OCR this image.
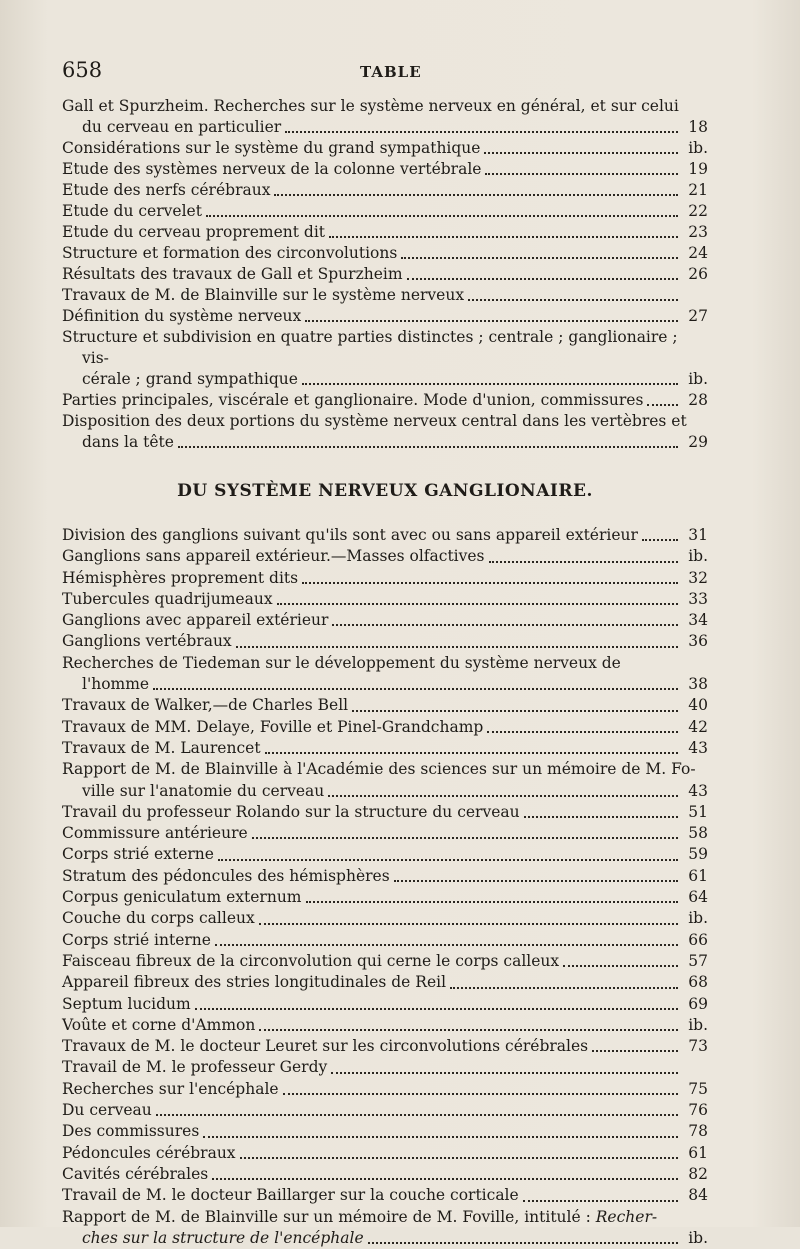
658	TABLE
Gall et Spurzheim. Recherches sur le système nerveux en général, et sur celui
du cerveau en particulier	18
Considérations sur le système du grand sympathique	ib.
Etude des systèmes nerveux de la colonne vertébrale	19
Etude des nerfs cérébraux	21
Etude du cervelet	22
Etude du cerveau proprement dit	23
Structure et formation des circonvolutions	24
Résultats des travaux de Gall et Spurzheim	26
Travaux de M. de Blainville sur le système nerveux
Définition du système nerveux	27
Structure et subdivision en quatre parties distinctes ; centrale ; ganglionaire ; vis-
cérale ; grand sympathique	ib.
Parties principales, viscérale et ganglionaire. Mode d'union, commissures	28
Disposition des deux portions du système nerveux central dans les vertèbres et
dans la tête	29
DU SYSTÈME NERVEUX GANGLIONAIRE.
Division des ganglions suivant qu'ils sont avec ou sans appareil extérieur	31
Ganglions sans appareil extérieur.—Masses olfactives	ib.
Hémisphères proprement dits	32
Tubercules quadrijumeaux	33
Ganglions avec appareil extérieur	34
Ganglions vertébraux	36
Recherches de Tiedeman sur le développement du système nerveux de
l'homme	38
Travaux de Walker,—de Charles Bell	40
Travaux de MM. Delaye, Foville et Pinel-Grandchamp	42
Travaux de M. Laurencet	43
Rapport de M. de Blainville à l'Académie des sciences sur un mémoire de M. Fo-
ville sur l'anatomie du cerveau	43
Travail du professeur Rolando sur la structure du cerveau	51
Commissure antérieure	58
Corps strié externe	59
Stratum des pédoncules des hémisphères	61
Corpus geniculatum externum	64
Couche du corps calleux	ib.
Corps strié interne	66
Faisceau fibreux de la circonvolution qui cerne le corps calleux	57
Appareil fibreux des stries longitudinales de Reil	68
Septum lucidum	69
Voûte et corne d'Ammon	ib.
Travaux de M. le docteur Leuret sur les circonvolutions cérébrales	73
Travail de M. le professeur Gerdy
Recherches sur l'encéphale	75
Du cerveau	76
Des commissures	78
Pédoncules cérébraux	61
Cavités cérébrales	82
Travail de M. le docteur Baillarger sur la couche corticale	84
Rapport de M. de Blainville sur un mémoire de M. Foville, intitulé : Recher-
ches sur la structure de l'encéphale	ib.
